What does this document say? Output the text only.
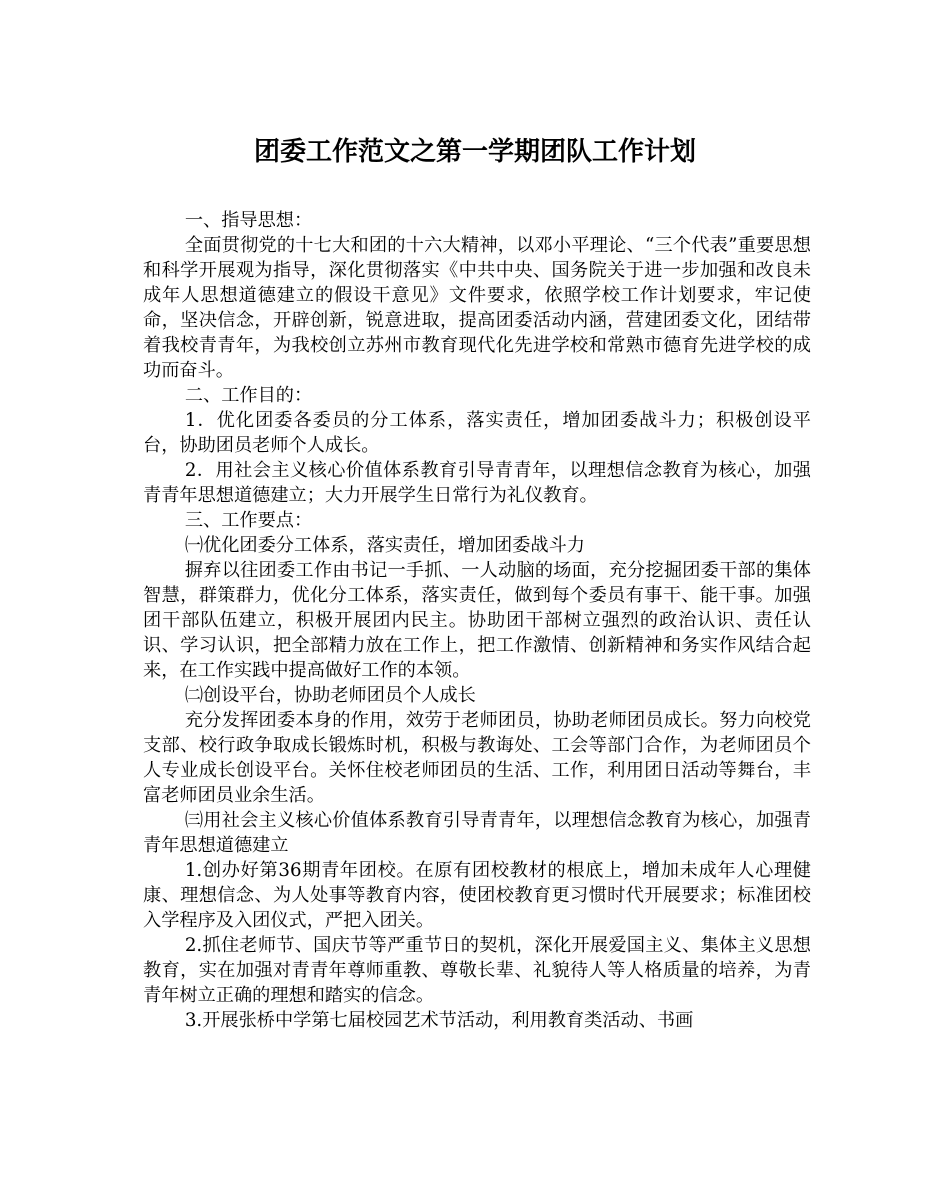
团委工作范文之第一学期团队工作计划

一、指导思想：

全面贯彻党的十七大和团的十六大精神，以邓小平理论、“三个代表”重要思想和科学开展观为指导，深化贯彻落实《中共中央、国务院关于进一步加强和改良未成年人思想道德建立的假设干意见》文件要求，依照学校工作计划要求，牢记使命，坚决信念，开辟创新，锐意进取，提高团委活动内涵，营建团委文化，团结带着我校青青年，为我校创立苏州市教育现代化先进学校和常熟市德育先进学校的成功而奋斗。

二、工作目的：

1．优化团委各委员的分工体系，落实责任，增加团委战斗力；积极创设平台，协助团员老师个人成长。

2．用社会主义核心价值体系教育引导青青年，以理想信念教育为核心，加强青青年思想道德建立；大力开展学生日常行为礼仪教育。

三、工作要点：

㈠优化团委分工体系，落实责任，增加团委战斗力

摒弃以往团委工作由书记一手抓、一人动脑的场面，充分挖掘团委干部的集体智慧，群策群力，优化分工体系，落实责任，做到每个委员有事干、能干事。加强团干部队伍建立，积极开展团内民主。协助团干部树立强烈的政治认识、责任认识、学习认识，把全部精力放在工作上，把工作激情、创新精神和务实作风结合起来，在工作实践中提高做好工作的本领。

㈡创设平台，协助老师团员个人成长

充分发挥团委本身的作用，效劳于老师团员，协助老师团员成长。努力向校党支部、校行政争取成长锻炼时机，积极与教诲处、工会等部门合作，为老师团员个人专业成长创设平台。关怀住校老师团员的生活、工作，利用团日活动等舞台，丰富老师团员业余生活。

㈢用社会主义核心价值体系教育引导青青年，以理想信念教育为核心，加强青青年思想道德建立

1.创办好第36期青年团校。在原有团校教材的根底上，增加未成年人心理健康、理想信念、为人处事等教育内容，使团校教育更习惯时代开展要求；标准团校入学程序及入团仪式，严把入团关。

2.抓住老师节、国庆节等严重节日的契机，深化开展爱国主义、集体主义思想教育，实在加强对青青年尊师重教、尊敬长辈、礼貌待人等人格质量的培养，为青青年树立正确的理想和踏实的信念。

3.开展张桥中学第七届校园艺术节活动，利用教育类活动、书画
